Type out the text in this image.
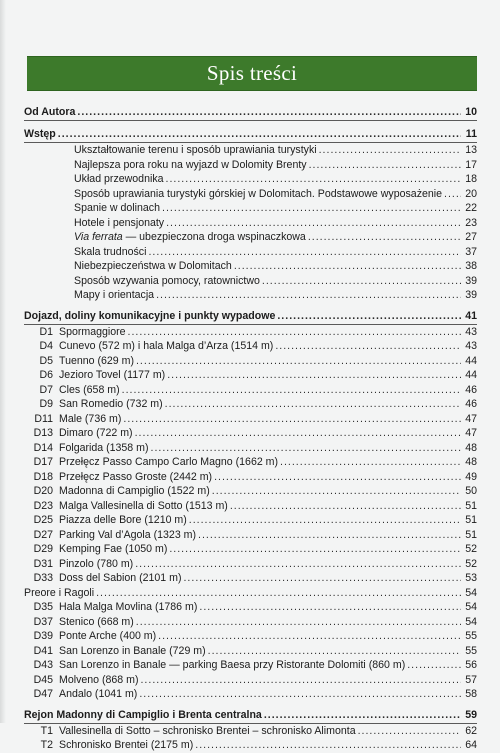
Spis treści
Od Autora .....	10
Wstęp .....	11
Ukształtowanie terenu i sposób uprawiania turystyki .....	13
Najlepsza pora roku na wyjazd w Dolomity Brenty .....	17
Układ przewodnika .....	18
Sposób uprawiania turystyki górskiej w Dolomitach. Podstawowe wyposażenie ..... 20
Spanie w dolinach .....	22
Hotele i pensjonaty .....	23
Via ferrata — ubezpieczona droga wspinaczkowa .....	27
Skala trudności .....	37
Niebezpieczeństwa w Dolomitach .....	38
Sposób wzywania pomocy, ratownictwo .....	39
Mapy i orientacja .....	39
Dojazd, doliny komunikacyjne i punkty wypadowe .....	41
D1 Spormaggiore .....	43
D4 Cunevo (572 m) i hala Malga d’Arza (1514 m) .....	43
D5 Tuenno (629 m) .....	44
D6 Jezioro Tovel (1177 m) .....	44
D7 Cles (658 m) .....	46
D9 San Romedio (732 m) .....	46
D11 Male (736 m) .....	47
D13 Dimaro (722 m) .....	47
D14 Folgarida (1358 m) .....	48
D17 Przełęcz Passo Campo Carlo Magno (1662 m) .....	48
D18 Przełęcz Passo Groste (2442 m) .....	49
D20 Madonna di Campiglio (1522 m) .....	50
D23 Malga Vallesinella di Sotto (1513 m) .....	51
D25 Piazza delle Bore (1210 m) .....	51
D27 Parking Val d’Agola (1323 m) .....	51
D29 Kemping Fae (1050 m) .....	52
D31 Pinzolo (780 m) .....	52
D33 Doss del Sabion (2101 m) .....	53
Preore i Ragoli .....	54
D35 Hala Malga Movlina (1786 m) .....	54
D37 Stenico (668 m) .....	54
D39 Ponte Arche (400 m) .....	55
D41 San Lorenzo in Banale (729 m) .....	55
D43 San Lorenzo in Banale — parking Baesa przy Ristorante Dolomiti (860 m) .....	56
D45 Molveno (868 m) .....	57
D47 Andalo (1041 m) .....	58
Rejon Madonny di Campiglio i Brenta centralna .....	59
T1 Vallesinella di Sotto – schronisko Brentei – schronisko Alimonta .....	62
T2 Schronisko Brentei (2175 m) .....	64
